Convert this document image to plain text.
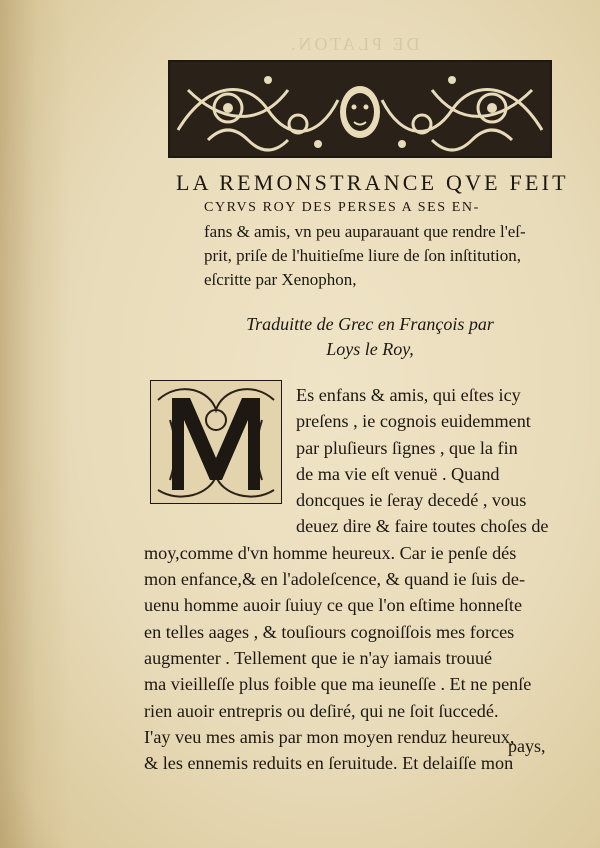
DE PLATON.
F.I.V.
LA REMONSTRANCE QVE FEIT
CYRVS ROY DES PERSES A SES EN-
fans & amis, vn peu auparauant que rendre l'eſ-
prit, priſe de l'huitieſme liure de ſon inſtitution,
eſcritte par Xenophon,
Traduitte de Grec en François par
Loys le Roy,
Es enfans & amis, qui eſtes icy
preſens , ie cognois euidemment
par pluſieurs ſignes , que la fin
de ma vie eſt venuë . Quand
doncques ie ſeray decedé , vous
deuez dire & faire toutes choſes de
moy,comme d'vn homme heureux. Car ie penſe dés
mon enfance,& en l'adoleſcence, & quand ie ſuis de-
uenu homme auoir ſuiuy ce que l'on eſtime honneſte
en telles aages , & touſiours cognoiſſois mes forces
augmenter . Tellement que ie n'ay iamais trouué
ma vieilleſſe plus foible que ma ieuneſſe . Et ne penſe
rien auoir entrepris ou deſiré, qui ne ſoit ſuccedé.
I'ay veu mes amis par mon moyen renduz heureux,
& les ennemis reduits en ſeruitude. Et delaiſſe mon
pays,
